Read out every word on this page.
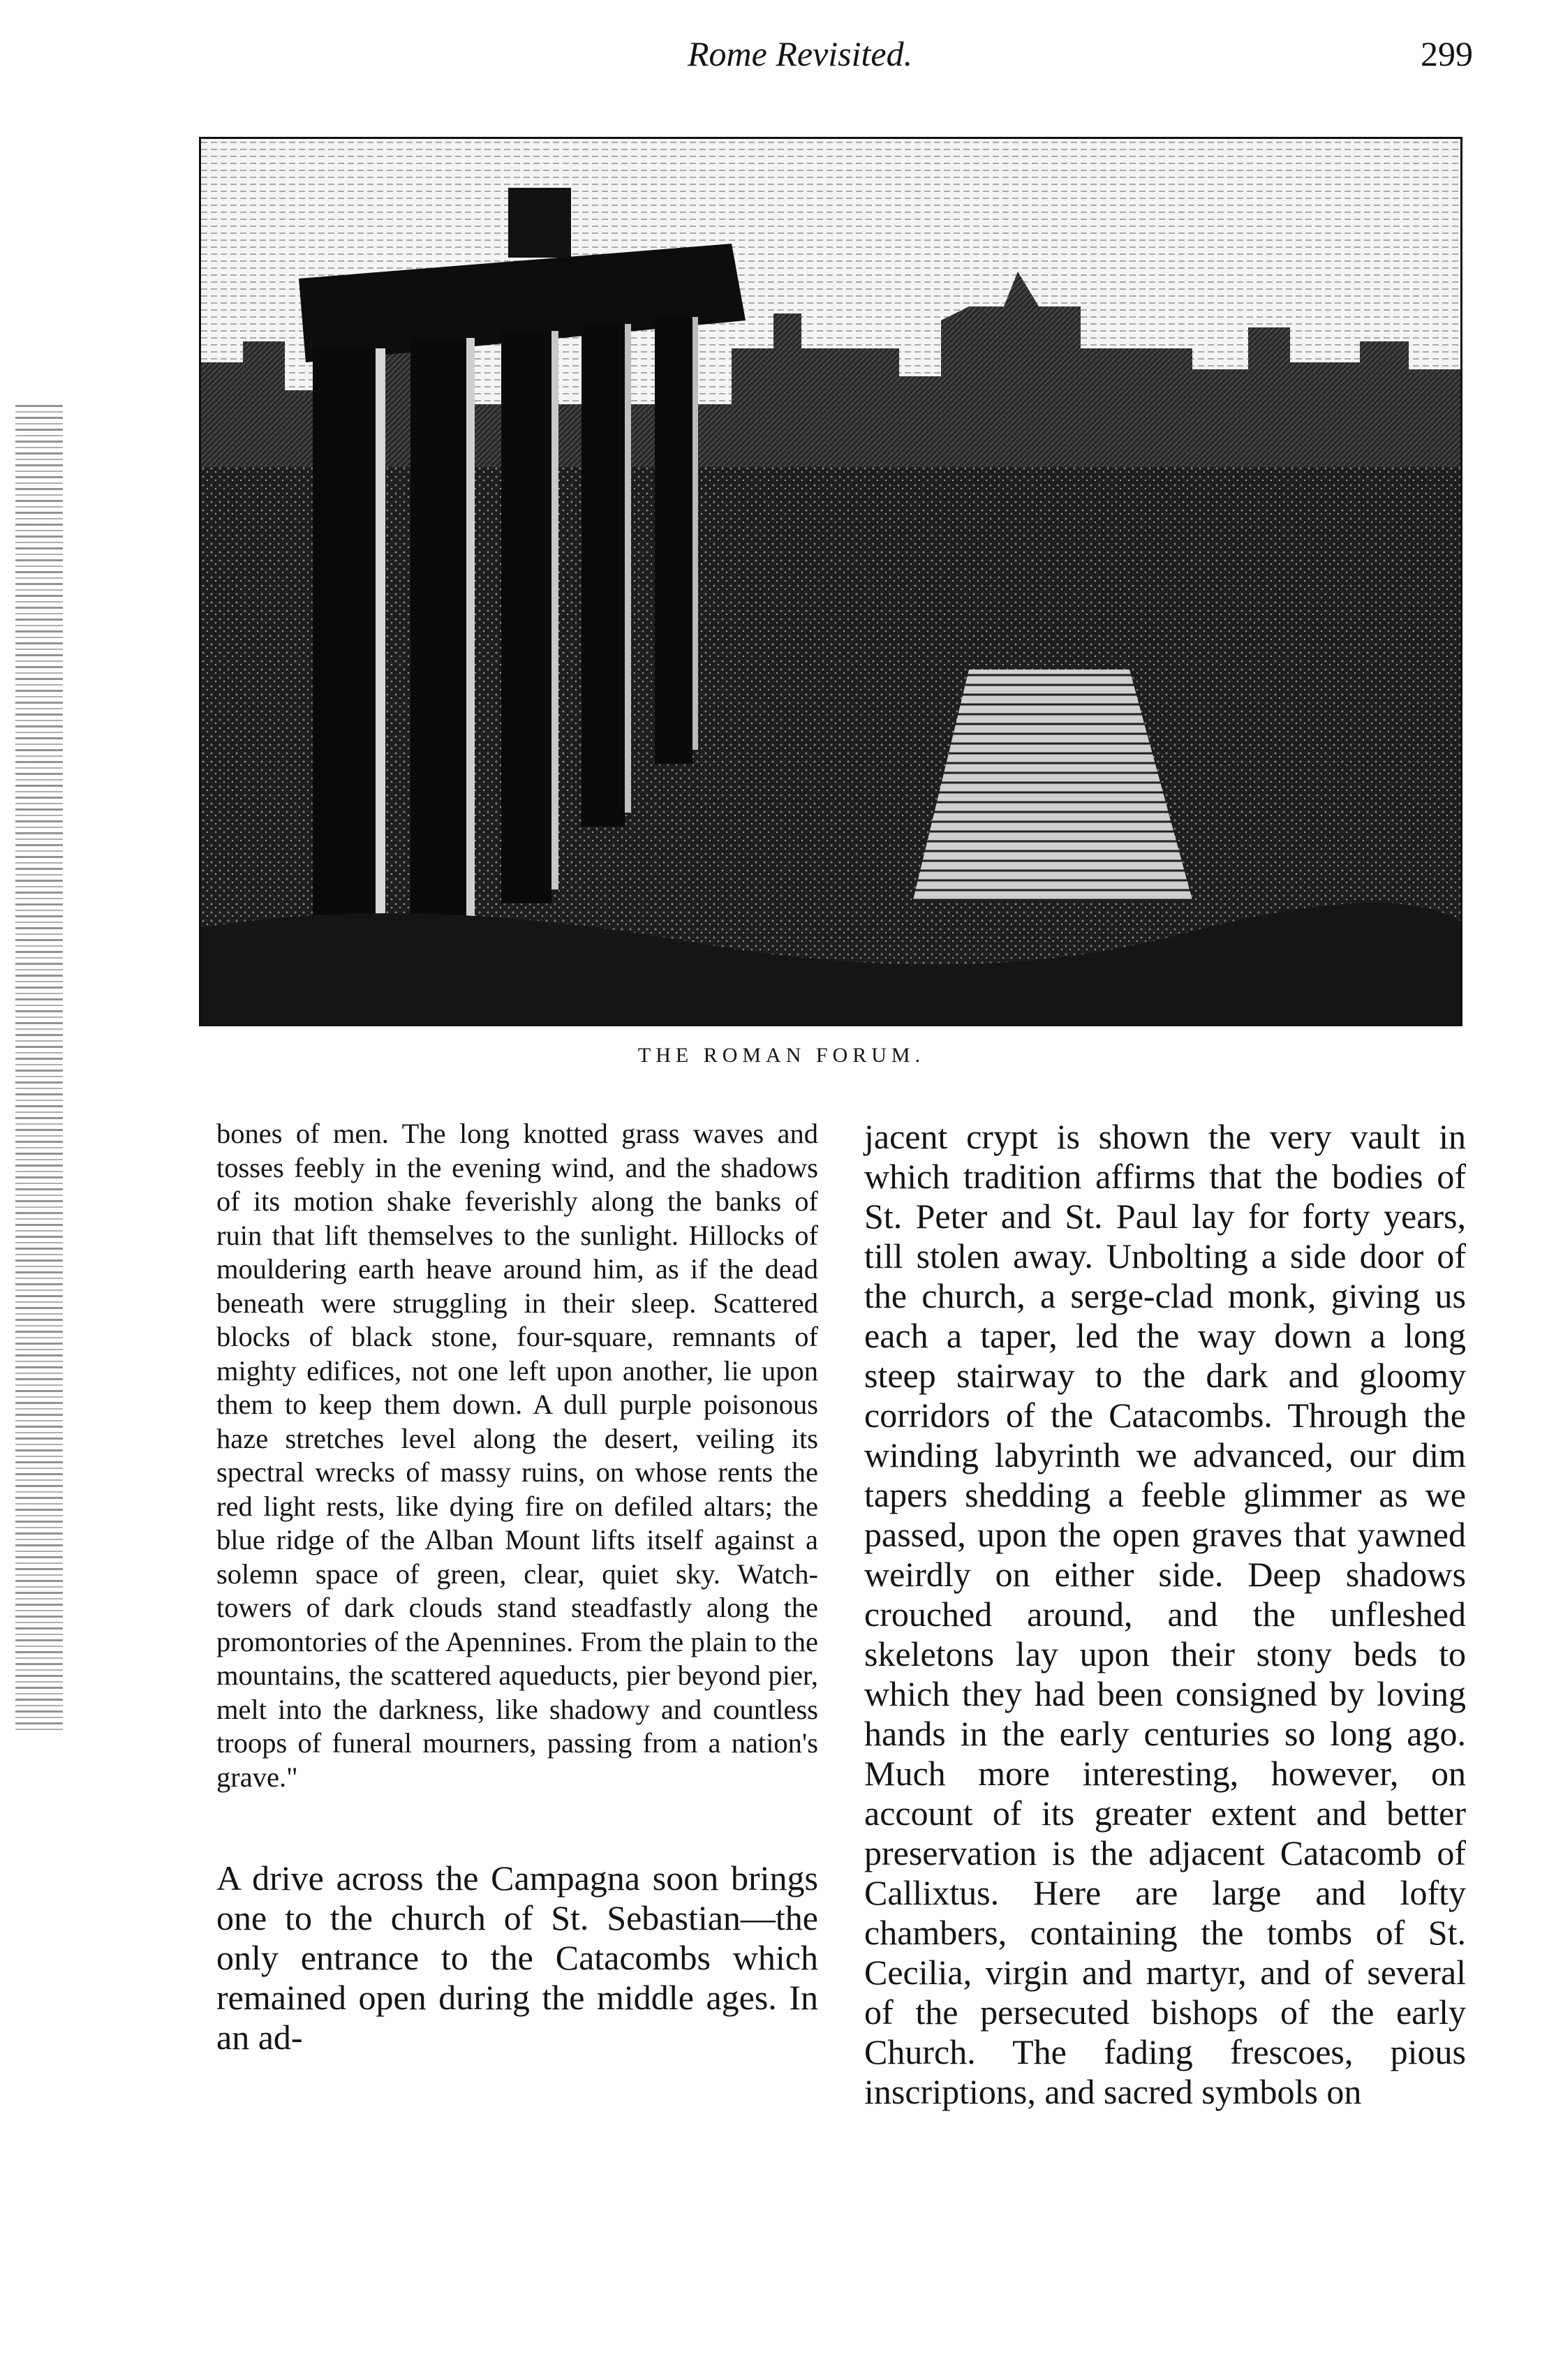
Rome Revisited.	299
THE ROMAN FORUM.

bones of men. The long knotted grass waves and tosses feebly in the evening wind, and the shadows of its motion shake feverishly along the banks of ruin that lift themselves to the sunlight. Hillocks of mouldering earth heave around him, as if the dead beneath were struggling in their sleep. Scattered blocks of black stone, four-square, remnants of mighty edifices, not one left upon another, lie upon them to keep them down. A dull purple poisonous haze stretches level along the desert, veiling its spectral wrecks of massy ruins, on whose rents the red light rests, like dying fire on defiled altars; the blue ridge of the Alban Mount lifts itself against a solemn space of green, clear, quiet sky. Watch-towers of dark clouds stand steadfastly along the promontories of the Apennines. From the plain to the mountains, the scattered aqueducts, pier beyond pier, melt into the darkness, like shadowy and countless troops of funeral mourners, passing from a nation's grave."

A drive across the Campagna soon brings one to the church of St. Sebastian—the only entrance to the Catacombs which remained open during the middle ages. In an ad-

jacent crypt is shown the very vault in which tradition affirms that the bodies of St. Peter and St. Paul lay for forty years, till stolen away. Unbolting a side door of the church, a serge-clad monk, giving us each a taper, led the way down a long steep stairway to the dark and gloomy corridors of the Catacombs. Through the winding labyrinth we advanced, our dim tapers shedding a feeble glimmer as we passed, upon the open graves that yawned weirdly on either side. Deep shadows crouched around, and the unfleshed skeletons lay upon their stony beds to which they had been consigned by loving hands in the early centuries so long ago. Much more interesting, however, on account of its greater extent and better preservation is the adjacent Catacomb of Callixtus. Here are large and lofty chambers, containing the tombs of St. Cecilia, virgin and martyr, and of several of the persecuted bishops of the early Church. The fading frescoes, pious inscriptions, and sacred symbols on
